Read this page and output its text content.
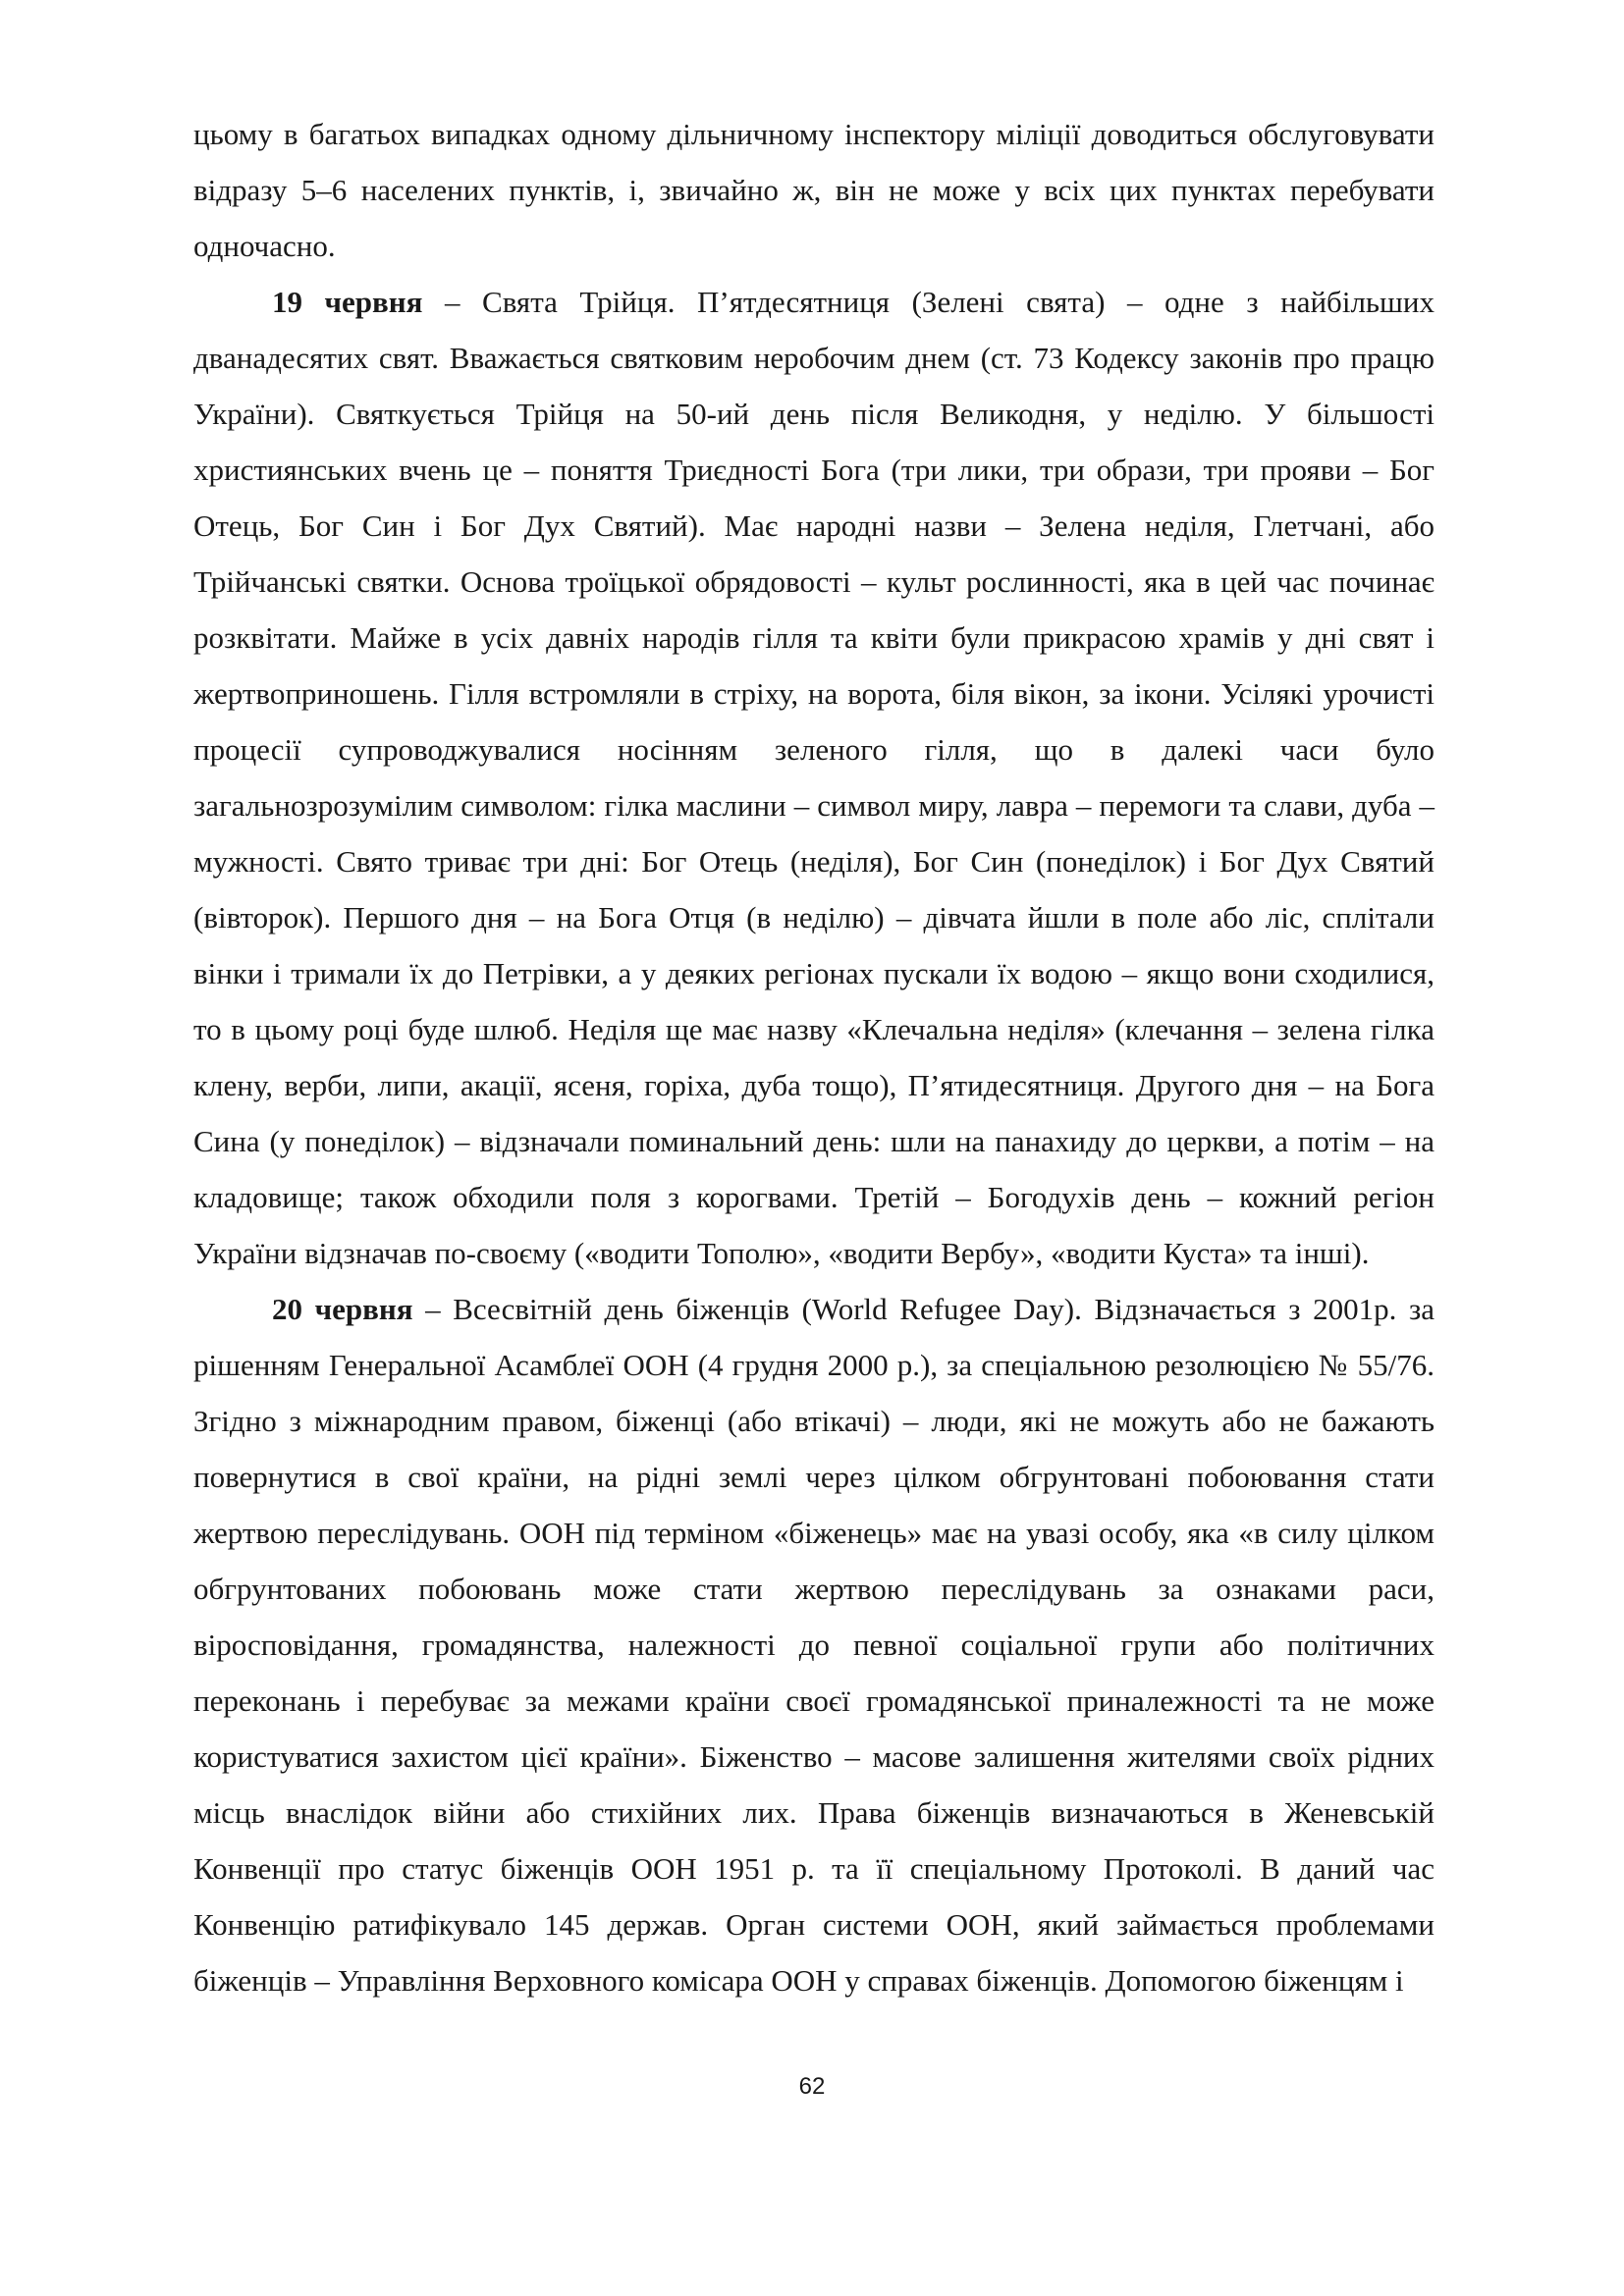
цьому в багатьох випадках одному дільничному інспектору міліції доводиться обслуговувати відразу 5–6 населених пунктів, і, звичайно ж, він не може у всіх цих пунктах перебувати одночасно.

19 червня – Свята Трійця. П’ятдесятниця (Зелені свята) – одне з найбільших дванадесятих свят. Вважається святковим неробочим днем (ст. 73 Кодексу законів про працю України). Святкується Трійця на 50-ий день після Великодня, у неділю. У більшості християнських вчень це – поняття Триєдності Бога (три лики, три образи, три прояви – Бог Отець, Бог Син і Бог Дух Святий). Має народні назви – Зелена неділя, Глетчані, або Трійчанські святки. Основа троїцької обрядовості – культ рослинності, яка в цей час починає розквітати. Майже в усіх давніх народів гілля та квіти були прикрасою храмів у дні свят і жертвоприношень. Гілля встромляли в стріху, на ворота, біля вікон, за ікони. Усілякі урочисті процесії супроводжувалися носінням зеленого гілля, що в далекі часи було загальнозрозумілим символом: гілка маслини – символ миру, лавра – перемоги та слави, дуба – мужності. Свято триває три дні: Бог Отець (неділя), Бог Син (понеділок) і Бог Дух Святий (вівторок). Першого дня – на Бога Отця (в неділю) – дівчата йшли в поле або ліс, сплітали вінки і тримали їх до Петрівки, а у деяких регіонах пускали їх водою – якщо вони сходилися, то в цьому році буде шлюб. Неділя ще має назву «Клечальна неділя» (клечання – зелена гілка клену, верби, липи, акації, ясеня, горіха, дуба тощо), П’ятидесятниця. Другого дня – на Бога Сина (у понеділок) – відзначали поминальний день: шли на панахиду до церкви, а потім – на кладовище; також обходили поля з корогвами. Третій – Богодухів день – кожний регіон України відзначав по-своєму («водити Тополю», «водити Вербу», «водити Куста» та інші).

20 червня – Всесвітній день біженців (World Refugee Day). Відзначається з 2001р. за рішенням Генеральної Асамблеї ООН (4 грудня 2000 р.), за спеціальною резолюцією № 55/76. Згідно з міжнародним правом, біженці (або втікачі) – люди, які не можуть або не бажають повернутися в свої країни, на рідні землі через цілком обгрунтовані побоювання стати жертвою переслідувань. ООН під терміном «біженець» має на увазі особу, яка «в силу цілком обгрунтованих побоювань може стати жертвою переслідувань за ознаками раси, віросповідання, громадянства, належності до певної соціальної групи або політичних переконань і перебуває за межами країни своєї громадянської приналежності та не може користуватися захистом цієї країни». Біженство – масове залишення жителями своїх рідних місць внаслідок війни або стихійних лих. Права біженців визначаються в Женевській Конвенції про статус біженців ООН 1951 р. та її спеціальному Протоколі. В даний час Конвенцію ратифікувало 145 держав. Орган системи ООН, який займається проблемами біженців – Управління Верховного комісара ООН у справах біженців. Допомогою біженцям і

62
